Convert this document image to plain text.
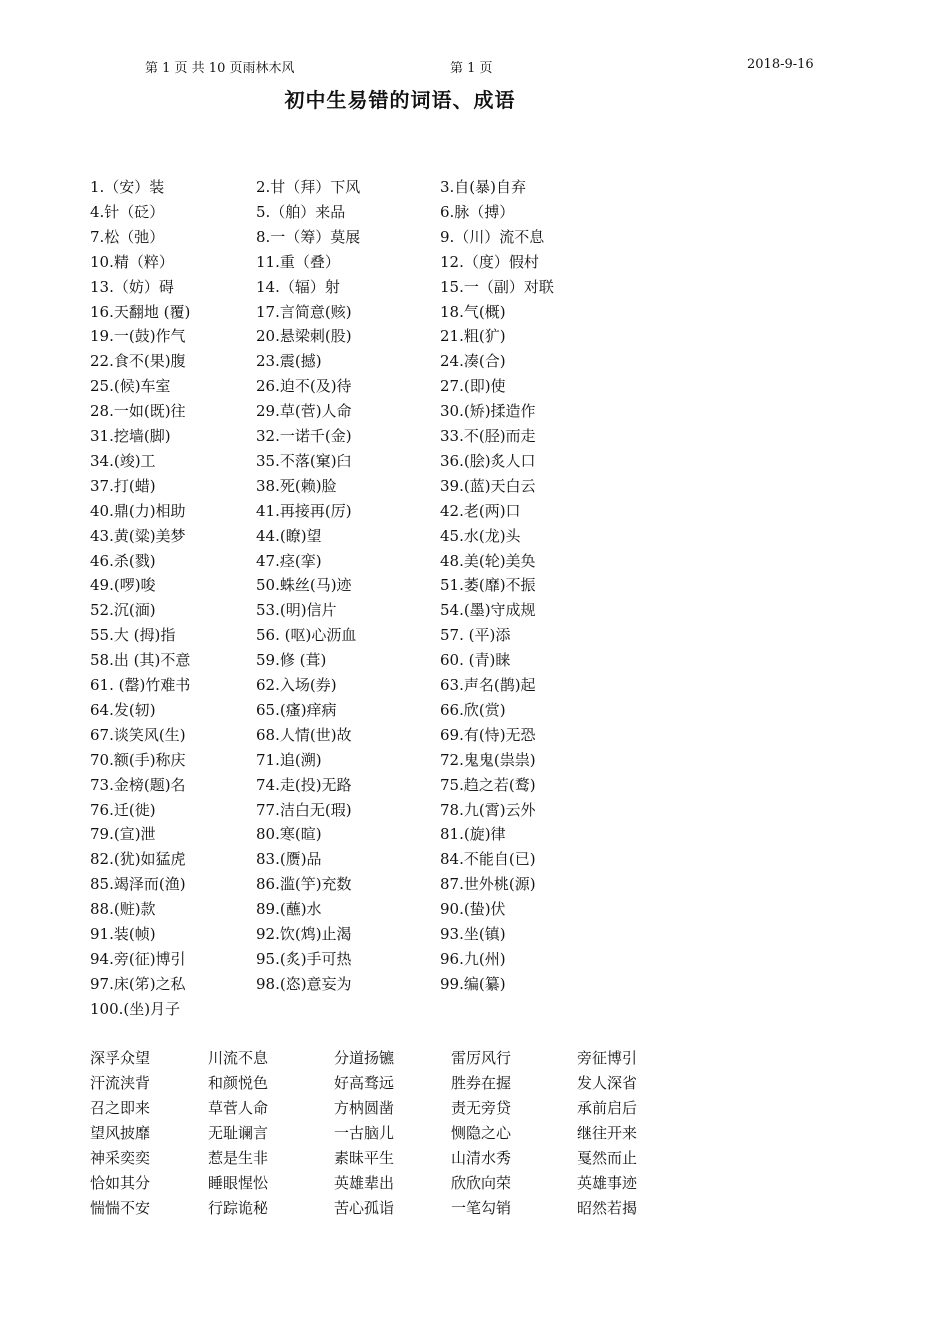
第 1 页 共 10 页雨林木风	第 1 页	2018-9-16
初中生易错的词语、成语
1.（安）装	2.甘（拜）下风	3.自(暴)自弃
4.针（砭）	5.（舶）来品	6.脉（搏）
7.松（弛）	8.一（筹）莫展	9.（川）流不息
10.精（粹）	11.重（叠）	12.（度）假村
13.（妨）碍	14.（辐）射	15.一（副）对联
16.天翻地 (覆)	17.言简意(赅)	18.气(概)
19.一(鼓)作气	20.悬梁刺(股)	21.粗(犷)
22.食不(果)腹	23.震(撼)	24.凑(合)
25.(候)车室	26.迫不(及)待	27.(即)使
28.一如(既)往	29.草(菅)人命	30.(矫)揉造作
31.挖墙(脚)	32.一诺千(金)	33.不(胫)而走
34.(竣)工	35.不落(窠)臼	36.(脍)炙人口
37.打(蜡)	38.死(赖)脸	39.(蓝)天白云
40.鼎(力)相助	41.再接再(厉)	42.老(两)口
43.黄(粱)美梦	44.(瞭)望	45.水(龙)头
46.杀(戮)	47.痉(挛)	48.美(轮)美奂
49.(啰)唆	50.蛛丝(马)迹	51.萎(靡)不振
52.沉(湎)	53.(明)信片	54.(墨)守成规
55.大 (拇)指	56. (呕)心沥血	57. (平)添
58.出 (其)不意	59.修 (葺)	60. (青)睐
61. (罄)竹难书	62.入场(券)	63.声名(鹊)起
64.发(轫)	65.(瘙)痒病	66.欣(赏)
67.谈笑风(生)	68.人情(世)故	69.有(恃)无恐
70.额(手)称庆	71.追(溯)	72.鬼鬼(祟祟)
73.金榜(题)名	74.走(投)无路	75.趋之若(鹜)
76.迁(徙)	77.洁白无(瑕)	78.九(霄)云外
79.(宣)泄	80.寒(暄)	81.(旋)律
82.(犹)如猛虎	83.(赝)品	84.不能自(已)
85.竭泽而(渔)	86.滥(竽)充数	87.世外桃(源)
88.(赃)款	89.(蘸)水	90.(蛰)伏
91.装(帧)	92.饮(鸩)止渴	93.坐(镇)
94.旁(征)博引	95.(炙)手可热	96.九(州)
97.床(笫)之私	98.(恣)意妄为	99.编(纂)
100.(坐)月子
深孚众望	川流不息	分道扬镳	雷厉风行	旁征博引
汗流浃背	和颜悦色	好高骛远	胜券在握	发人深省
召之即来	草菅人命	方枘圆凿	责无旁贷	承前启后
望风披靡	无耻谰言	一古脑儿	恻隐之心	继往开来
神采奕奕	惹是生非	素昧平生	山清水秀	戛然而止
恰如其分	睡眼惺忪	英雄辈出	欣欣向荣	英雄事迹
惴惴不安	行踪诡秘	苦心孤诣	一笔勾销	昭然若揭
